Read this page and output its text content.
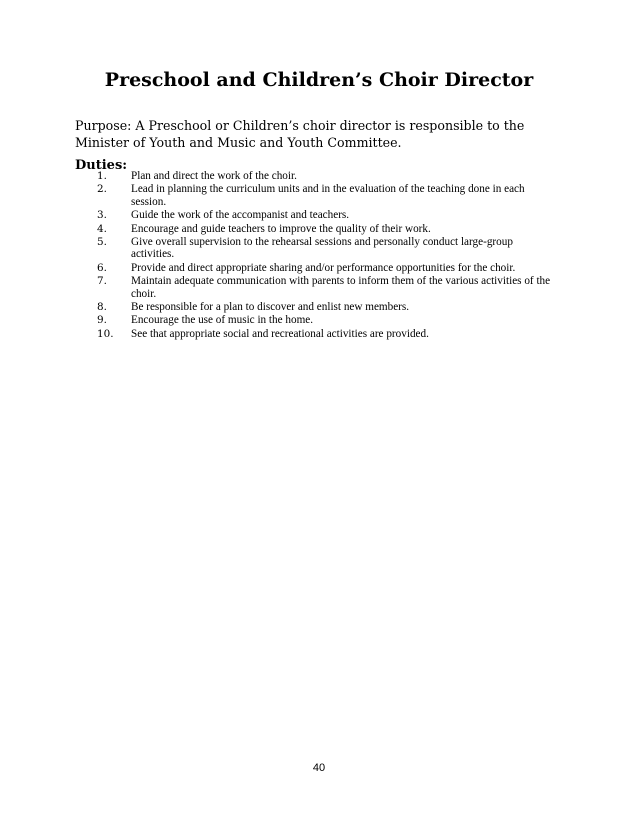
Preschool and Children’s Choir Director
Purpose: A Preschool or Children’s choir director is responsible to the Minister of Youth and Music and Youth Committee.
Duties:
1.	Plan and direct the work of the choir.
2.	Lead in planning the curriculum units and in the evaluation of the teaching done in each session.
3.	Guide the work of the accompanist and teachers.
4.	Encourage and guide teachers to improve the quality of their work.
5.	Give overall supervision to the rehearsal sessions and personally conduct large-group activities.
6.	Provide and direct appropriate sharing and/or performance opportunities for the choir.
7.	Maintain adequate communication with parents to inform them of the various activities of the choir.
8.	Be responsible for a plan to discover and enlist new members.
9.	Encourage the use of music in the home.
10.	See that appropriate social and recreational activities are provided.
40
